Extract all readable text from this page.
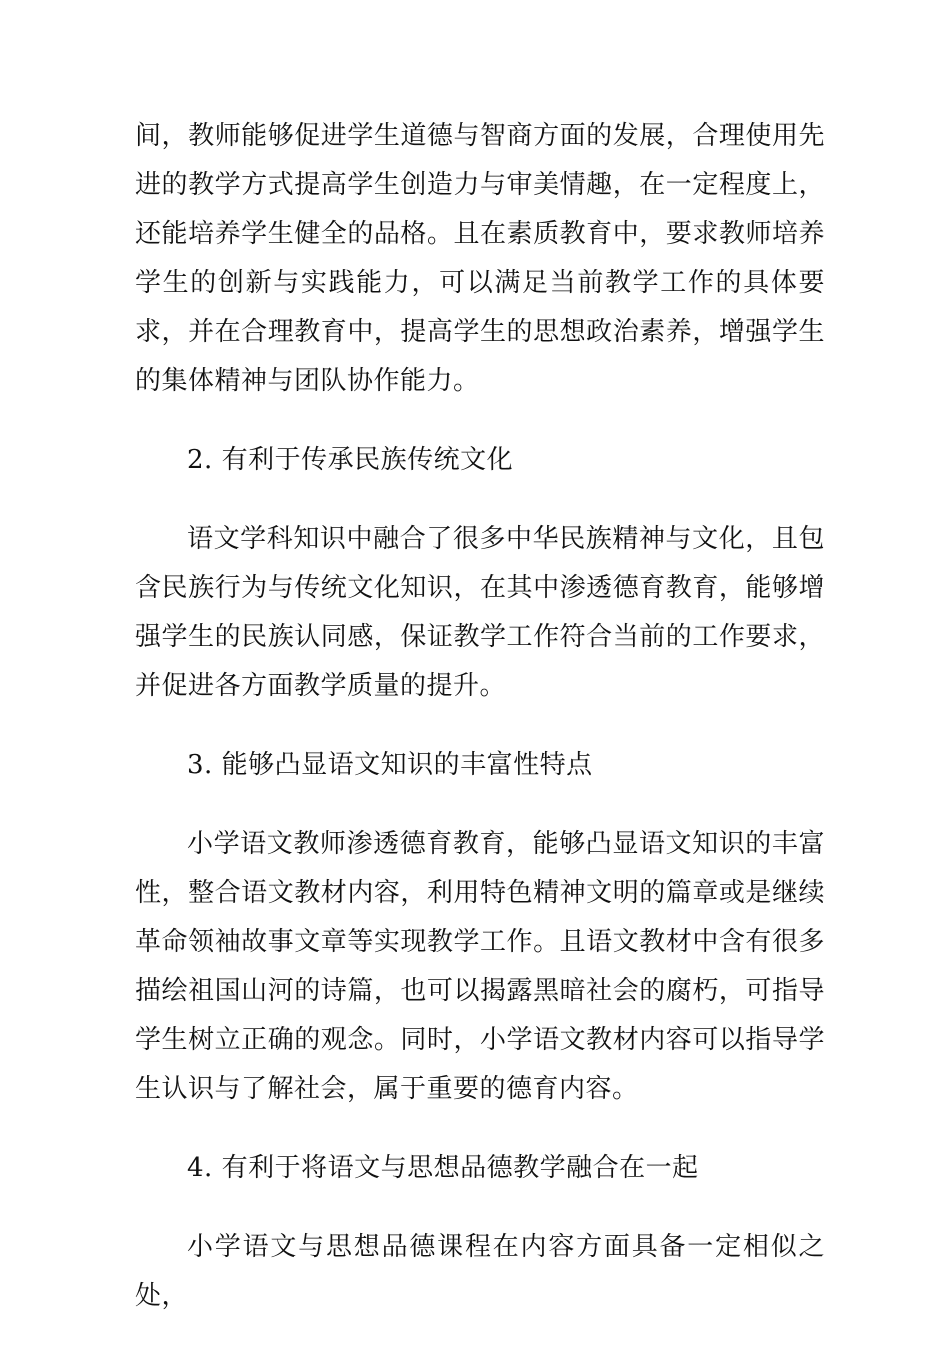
间，教师能够促进学生道德与智商方面的发展，合理使用先进的教学方式提高学生创造力与审美情趣，在一定程度上，还能培养学生健全的品格。且在素质教育中，要求教师培养学生的创新与实践能力，可以满足当前教学工作的具体要求，并在合理教育中，提高学生的思想政治素养，增强学生的集体精神与团队协作能力。

2. 有利于传承民族传统文化

语文学科知识中融合了很多中华民族精神与文化，且包含民族行为与传统文化知识，在其中渗透德育教育，能够增强学生的民族认同感，保证教学工作符合当前的工作要求，并促进各方面教学质量的提升。

3. 能够凸显语文知识的丰富性特点

小学语文教师渗透德育教育，能够凸显语文知识的丰富性，整合语文教材内容，利用特色精神文明的篇章或是继续革命领袖故事文章等实现教学工作。且语文教材中含有很多描绘祖国山河的诗篇，也可以揭露黑暗社会的腐朽，可指导学生树立正确的观念。同时，小学语文教材内容可以指导学生认识与了解社会，属于重要的德育内容。

4. 有利于将语文与思想品德教学融合在一起

小学语文与思想品德课程在内容方面具备一定相似之处，
